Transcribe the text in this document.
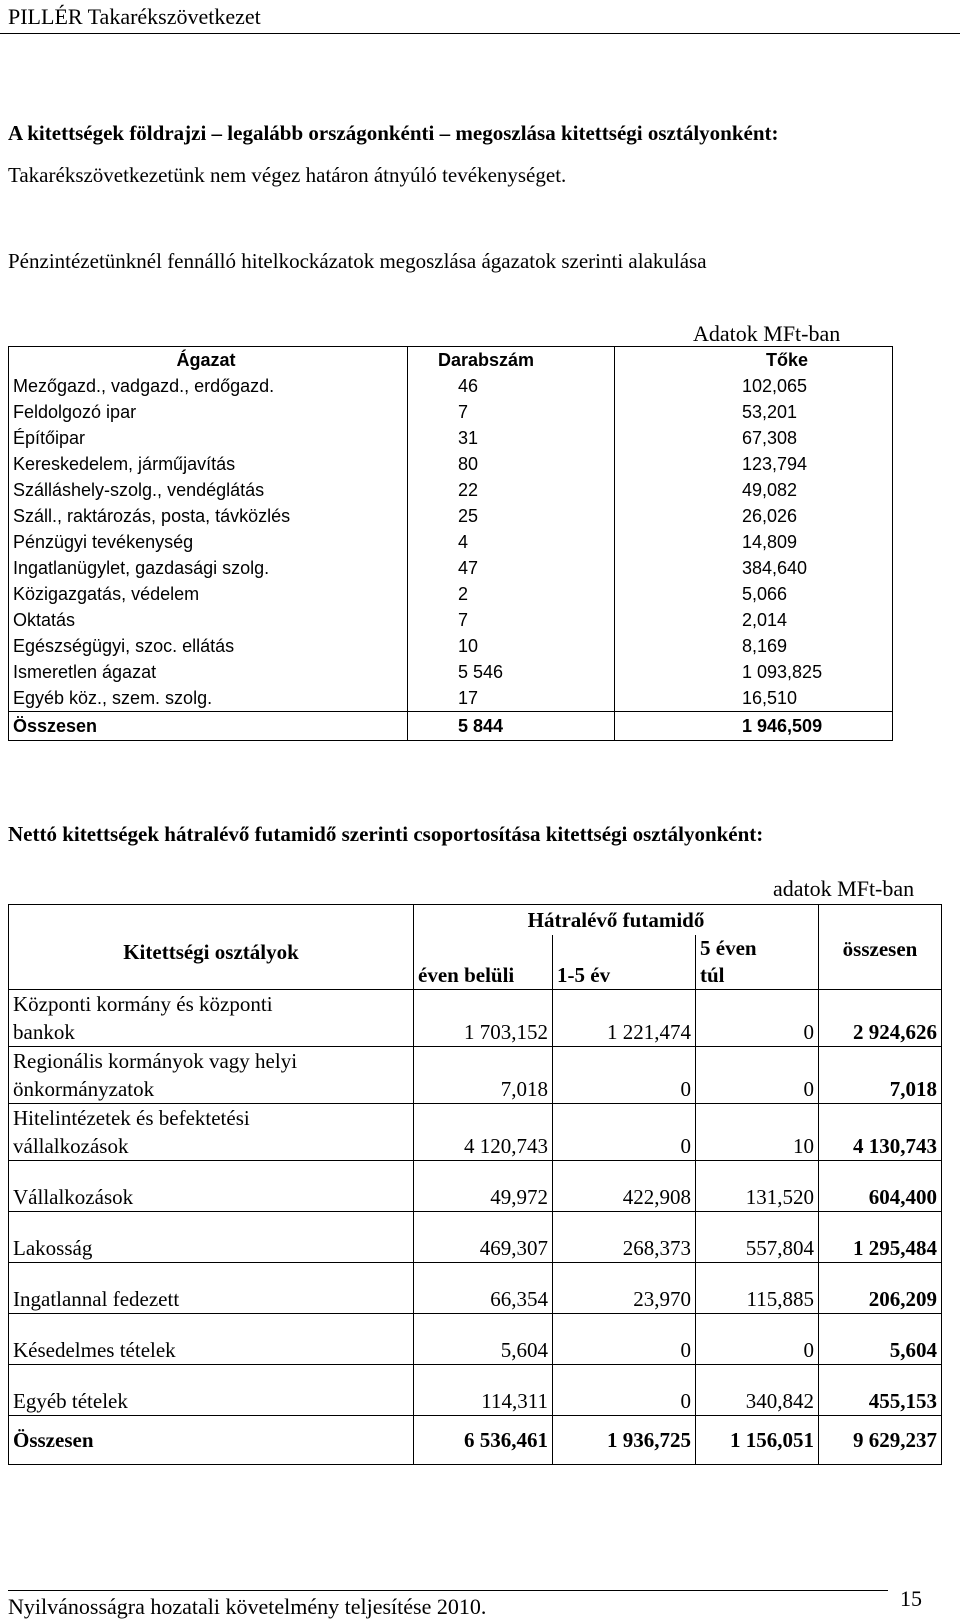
PILLÉR Takarékszövetkezet
A kitettségek földrajzi – legalább országonkénti – megoszlása kitettségi osztályonként:
Takarékszövetkezetünk nem végez határon átnyúló tevékenységet.
Pénzintézetünknél fennálló hitelkockázatok megoszlása ágazatok szerinti alakulása
Adatok MFt-ban
Ágazat	Darabszám	Tőke
Mezőgazd., vadgazd., erdőgazd.	46	102,065
Feldolgozó ipar	7	53,201
Építőipar	31	67,308
Kereskedelem, járműjavítás	80	123,794
Szálláshely-szolg., vendéglátás	22	49,082
Száll., raktározás, posta, távközlés	25	26,026
Pénzügyi tevékenység	4	14,809
Ingatlanügylet, gazdasági szolg.	47	384,640
Közigazgatás, védelem	2	5,066
Oktatás	7	2,014
Egészségügyi, szoc. ellátás	10	8,169
Ismeretlen ágazat	5 546	1 093,825
Egyéb köz., szem. szolg.	17	16,510
Összesen	5 844	1 946,509
Nettó kitettségek hátralévő futamidő szerinti csoportosítása kitettségi osztályonként:
adatok MFt-ban
Kitettségi osztályok	Hátralévő futamidő			összesen
			5 éven	
	éven belüli	1-5 év	túl	

Központi kormány és központi
bankok	1 703,152	1 221,474	0	2 924,626

Regionális kormányok vagy helyi
önkormányzatok	7,018	0	0	7,018

Hitelintézetek és befektetési
vállalkozások	4 120,743	0	10	4 130,743

Vállalkozások	49,972	422,908	131,520	604,400

Lakosság	469,307	268,373	557,804	1 295,484

Ingatlannal fedezett	66,354	23,970	115,885	206,209

Késedelmes tételek	5,604	0	0	5,604

Egyéb tételek	114,311	0	340,842	455,153
Összesen	6 536,461	1 936,725	1 156,051	9 629,237
Nyilvánosságra hozatali követelmény teljesítése 2010.	15
